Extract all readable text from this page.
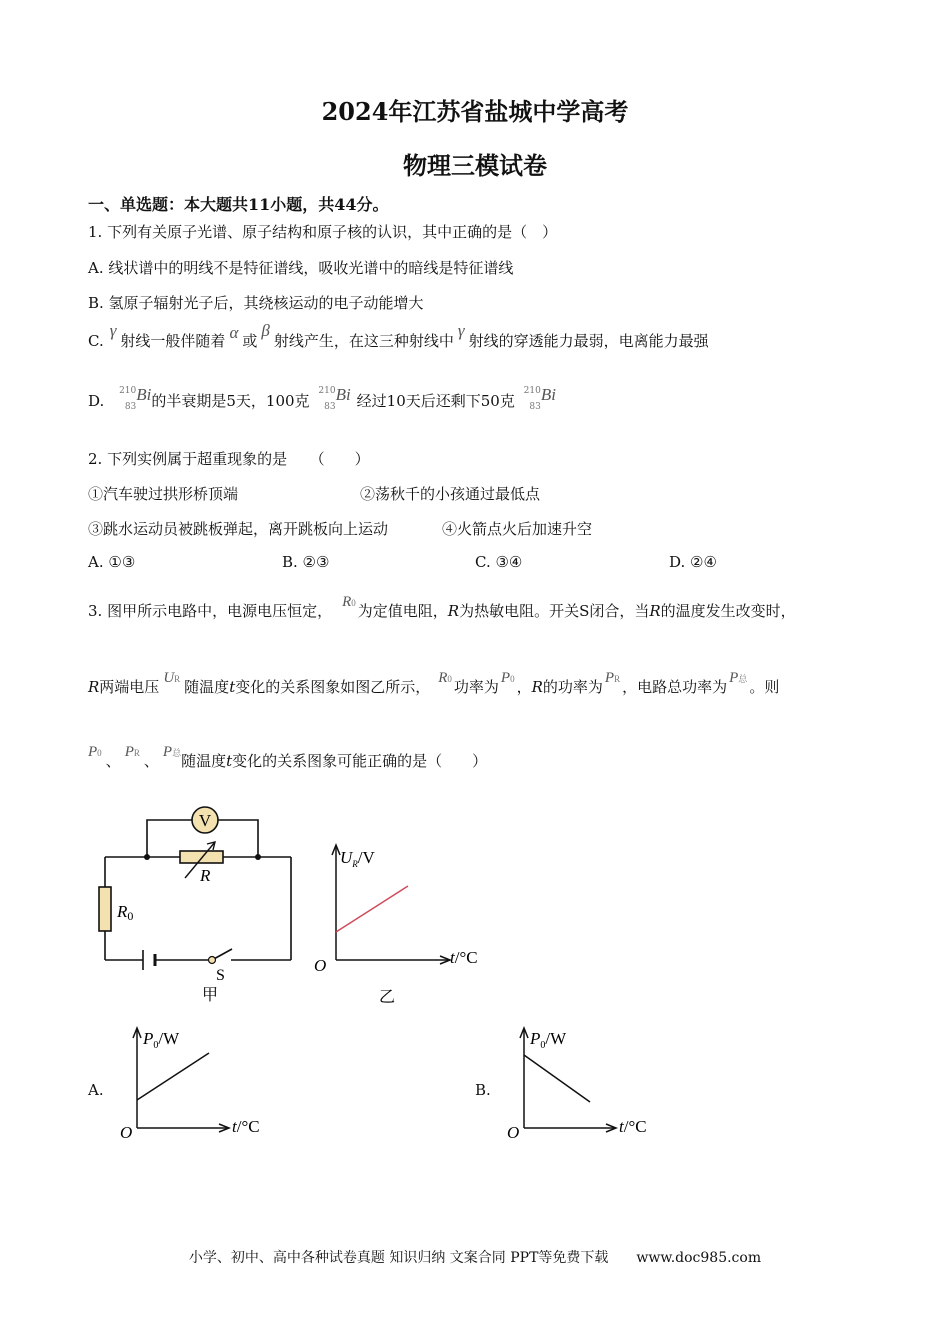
2024年江苏省盐城中学高考
物理三模试卷
一、单选题：本大题共11小题，共44分。
1. 下列有关原子光谱、原子结构和原子核的认识，其中正确的是（　）
A. 线状谱中的明线不是特征谱线，吸收光谱中的暗线是特征谱线
B. 氢原子辐射光子后，其绕核运动的电子动能增大
C.γ射线一般伴随着 α 或β射线产生，在这三种射线中γ射线的穿透能力最弱，电离能力最强
D.
210
83
Bi的半衰期是5天，100克
210
83
Bi 经过10天后还剩下50克
210
83
Bi
2. 下列实例属于超重现象的是　　（　　）
①汽车驶过拱形桥顶端	②荡秋千的小孩通过最低点
③跳水运动员被跳板弹起，离开跳板向上运动	④火箭点火后加速升空
A. ①③	B. ②③	C. ③④	D. ②④
3. 图甲所示电路中，电源电压恒定， R0 为定值电阻，R为热敏电阻。开关S闭合，当R的温度发生改变时，
R两端电压 UR 随温度t变化的关系图象如图乙所示， R0 功率为 P0 ，R的功率为 PR ，电路总功率为 P总 。则
P0 、 PR 、 P总随温度t变化的关系图象可能正确的是（　　）
V
R
R0
S
甲
$U_R/V$
O	t/°C
乙
A.
$P_0/W$
O	t/°C
B.
$P_0/W$
O	t/°C
小学、初中、高中各种试卷真题 知识归纳 文案合同 PPT等免费下载　　www.doc985.com
